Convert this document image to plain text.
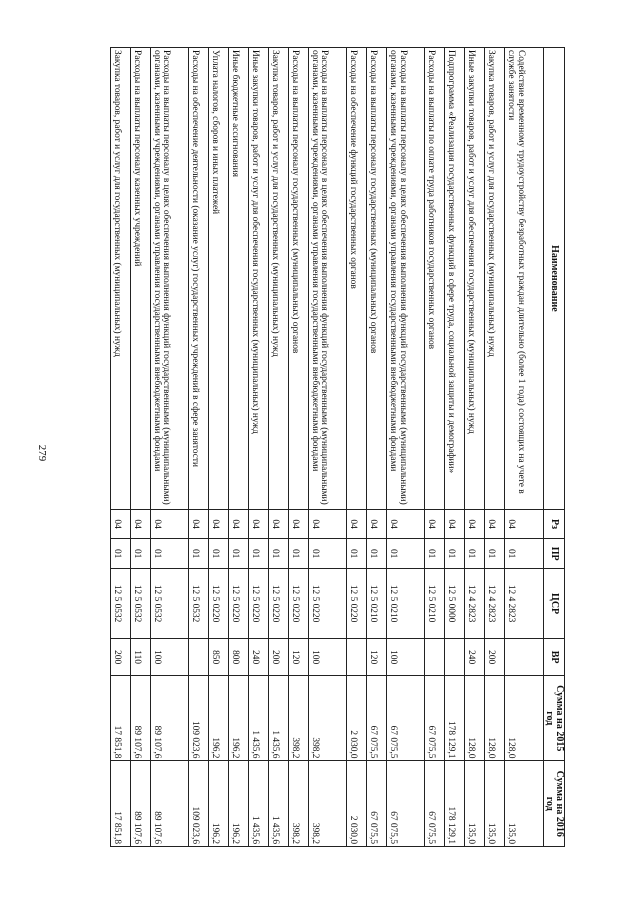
279
Наименование	Рз	ПР	ЦСР	ВР	Сумма на 2015 год	Сумма на 2016 год
Содействие временному трудоустройству безработных граждан длительно (более 1 года) состоящих на учете в службе занятости	04	01	12 4 2823		128,0	135,0
Закупка товаров, работ и услуг для государственных (муниципальных) нужд	04	01	12 4 2823	200	128,0	135,0
Иные закупки товаров, работ и услуг для обеспечения государственных (муниципальных) нужд	04	01	12 4 2823	240	128,0	135,0
Подпрограмма «Реализация государственных функций в сфере труда, социальной защиты и демографии»	04	01	12 5 0000		178 129,1	178 129,1
Расходы на выплаты по оплате труда работников государственных органов	04	01	12 5 0210		67 075,5	67 075,5
Расходы на выплаты персоналу в целях обеспечения выполнения функций государственными (муниципальными) органами, казенными учреждениями, органами управления государственными внебюджетными фондами	04	01	12 5 0210	100	67 075,5	67 075,5
Расходы на выплаты персоналу государственных (муниципальных) органов	04	01	12 5 0210	120	67 075,5	67 075,5
Расходы на обеспечение функций государственных органов	04	01	12 5 0220		2 030,0	2 030,0
Расходы на выплаты персоналу в целях обеспечения выполнения функций государственными (муниципальными) органами, казенными учреждениями, органами управления государственными внебюджетными фондами	04	01	12 5 0220	100	398,2	398,2
Расходы на выплаты персоналу государственных (муниципальных) органов	04	01	12 5 0220	120	398,2	398,2
Закупка товаров, работ и услуг для государственных (муниципальных) нужд	04	01	12 5 0220	200	1 435,6	1 435,6
Иные закупки товаров, работ и услуг для обеспечения государственных (муниципальных) нужд	04	01	12 5 0220	240	1 435,6	1 435,6
Иные бюджетные ассигнования	04	01	12 5 0220	800	196,2	196,2
Уплата налогов, сборов и иных платежей	04	01	12 5 0220	850	196,2	196,2
Расходы на обеспечение деятельности (оказание услуг) государственных учреждений в сфере занятости	04	01	12 5 0532		109 023,6	109 023,6
Расходы на выплаты персоналу в целях обеспечения выполнения функций государственными (муниципальными) органами, казенными учреждениями, органами управления государственными внебюджетными фондами	04	01	12 5 0532	100	89 107,6	89 107,6
Расходы на выплаты персоналу казенных учреждений	04	01	12 5 0532	110	89 107,6	89 107,6
Закупка товаров, работ и услуг для государственных (муниципальных) нужд	04	01	12 5 0532	200	17 851,8	17 851,8
